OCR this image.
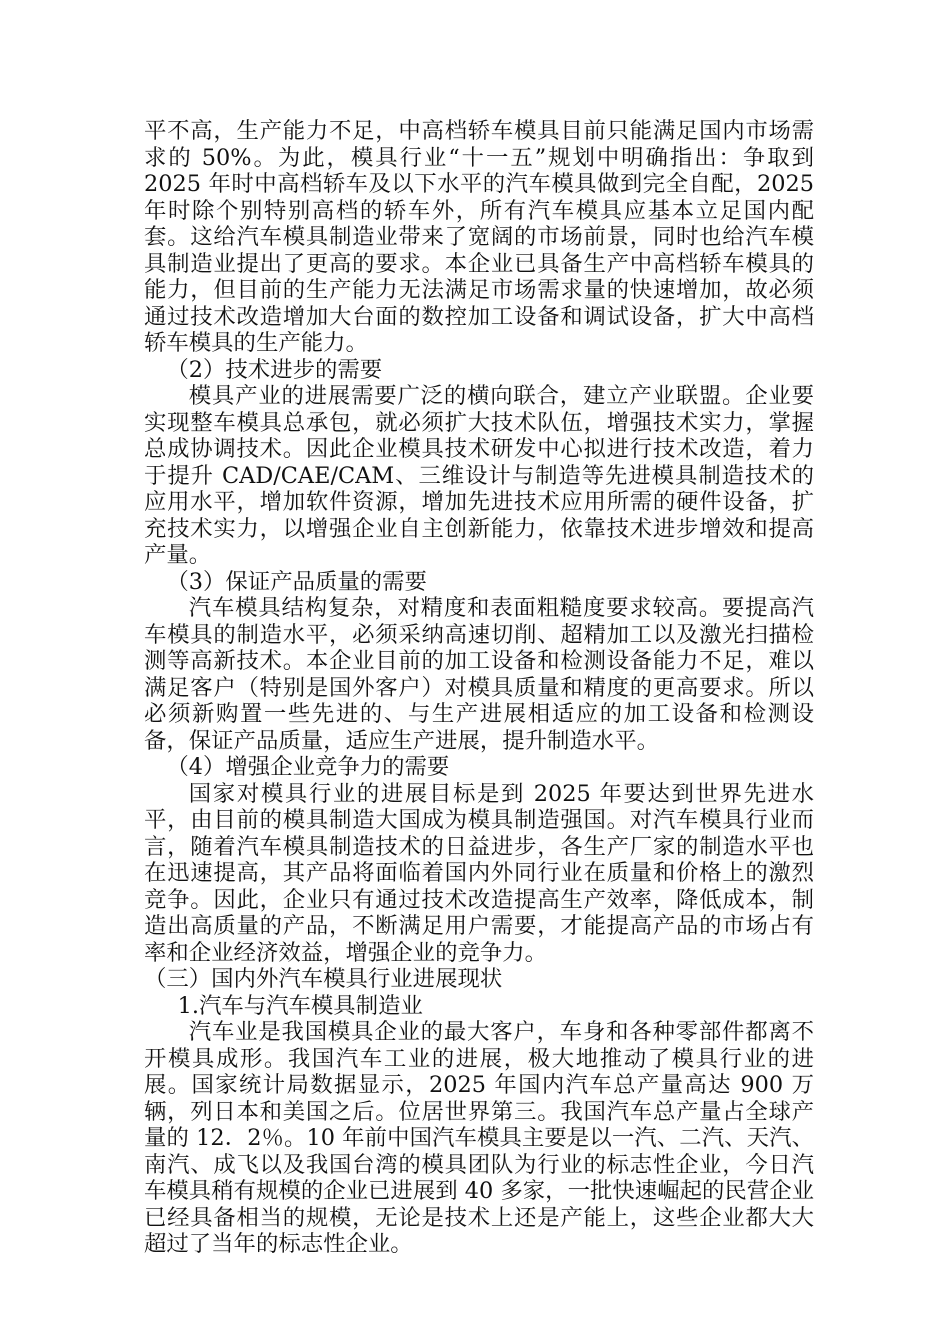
平不高，生产能力不足，中高档轿车模具目前只能满足国内市场需求的 50%。为此，模具行业“十一五”规划中明确指出：争取到 2025 年时中高档轿车及以下水平的汽车模具做到完全自配，2025 年时除个别特别高档的轿车外，所有汽车模具应基本立足国内配套。这给汽车模具制造业带来了宽阔的市场前景，同时也给汽车模具制造业提出了更高的要求。本企业已具备生产中高档轿车模具的能力，但目前的生产能力无法满足市场需求量的快速增加，故必须通过技术改造增加大台面的数控加工设备和调试设备，扩大中高档轿车模具的生产能力。

（2）技术进步的需要

模具产业的进展需要广泛的横向联合，建立产业联盟。企业要实现整车模具总承包，就必须扩大技术队伍，增强技术实力，掌握总成协调技术。因此企业模具技术研发中心拟进行技术改造，着力于提升 CAD/CAE/CAM、三维设计与制造等先进模具制造技术的应用水平，增加软件资源，增加先进技术应用所需的硬件设备，扩充技术实力，以增强企业自主创新能力，依靠技术进步增效和提高产量。

（3）保证产品质量的需要

汽车模具结构复杂，对精度和表面粗糙度要求较高。要提高汽车模具的制造水平，必须采纳高速切削、超精加工以及激光扫描检测等高新技术。本企业目前的加工设备和检测设备能力不足，难以满足客户（特别是国外客户）对模具质量和精度的更高要求。所以必须新购置一些先进的、与生产进展相适应的加工设备和检测设备，保证产品质量，适应生产进展，提升制造水平。

（4）增强企业竞争力的需要

国家对模具行业的进展目标是到 2025 年要达到世界先进水平，由目前的模具制造大国成为模具制造强国。对汽车模具行业而言，随着汽车模具制造技术的日益进步，各生产厂家的制造水平也在迅速提高，其产品将面临着国内外同行业在质量和价格上的激烈竞争。因此，企业只有通过技术改造提高生产效率，降低成本，制造出高质量的产品，不断满足用户需要，才能提高产品的市场占有率和企业经济效益，增强企业的竞争力。

（三）国内外汽车模具行业进展现状

1.汽车与汽车模具制造业

汽车业是我国模具企业的最大客户，车身和各种零部件都离不开模具成形。我国汽车工业的进展，极大地推动了模具行业的进展。国家统计局数据显示，2025 年国内汽车总产量高达 900 万辆，列日本和美国之后。位居世界第三。我国汽车总产量占全球产量的 12．2％。10 年前中国汽车模具主要是以一汽、二汽、天汽、南汽、成飞以及我国台湾的模具团队为行业的标志性企业，今日汽车模具稍有规模的企业已进展到 40 多家，一批快速崛起的民营企业已经具备相当的规模，无论是技术上还是产能上，这些企业都大大超过了当年的标志性企业。
